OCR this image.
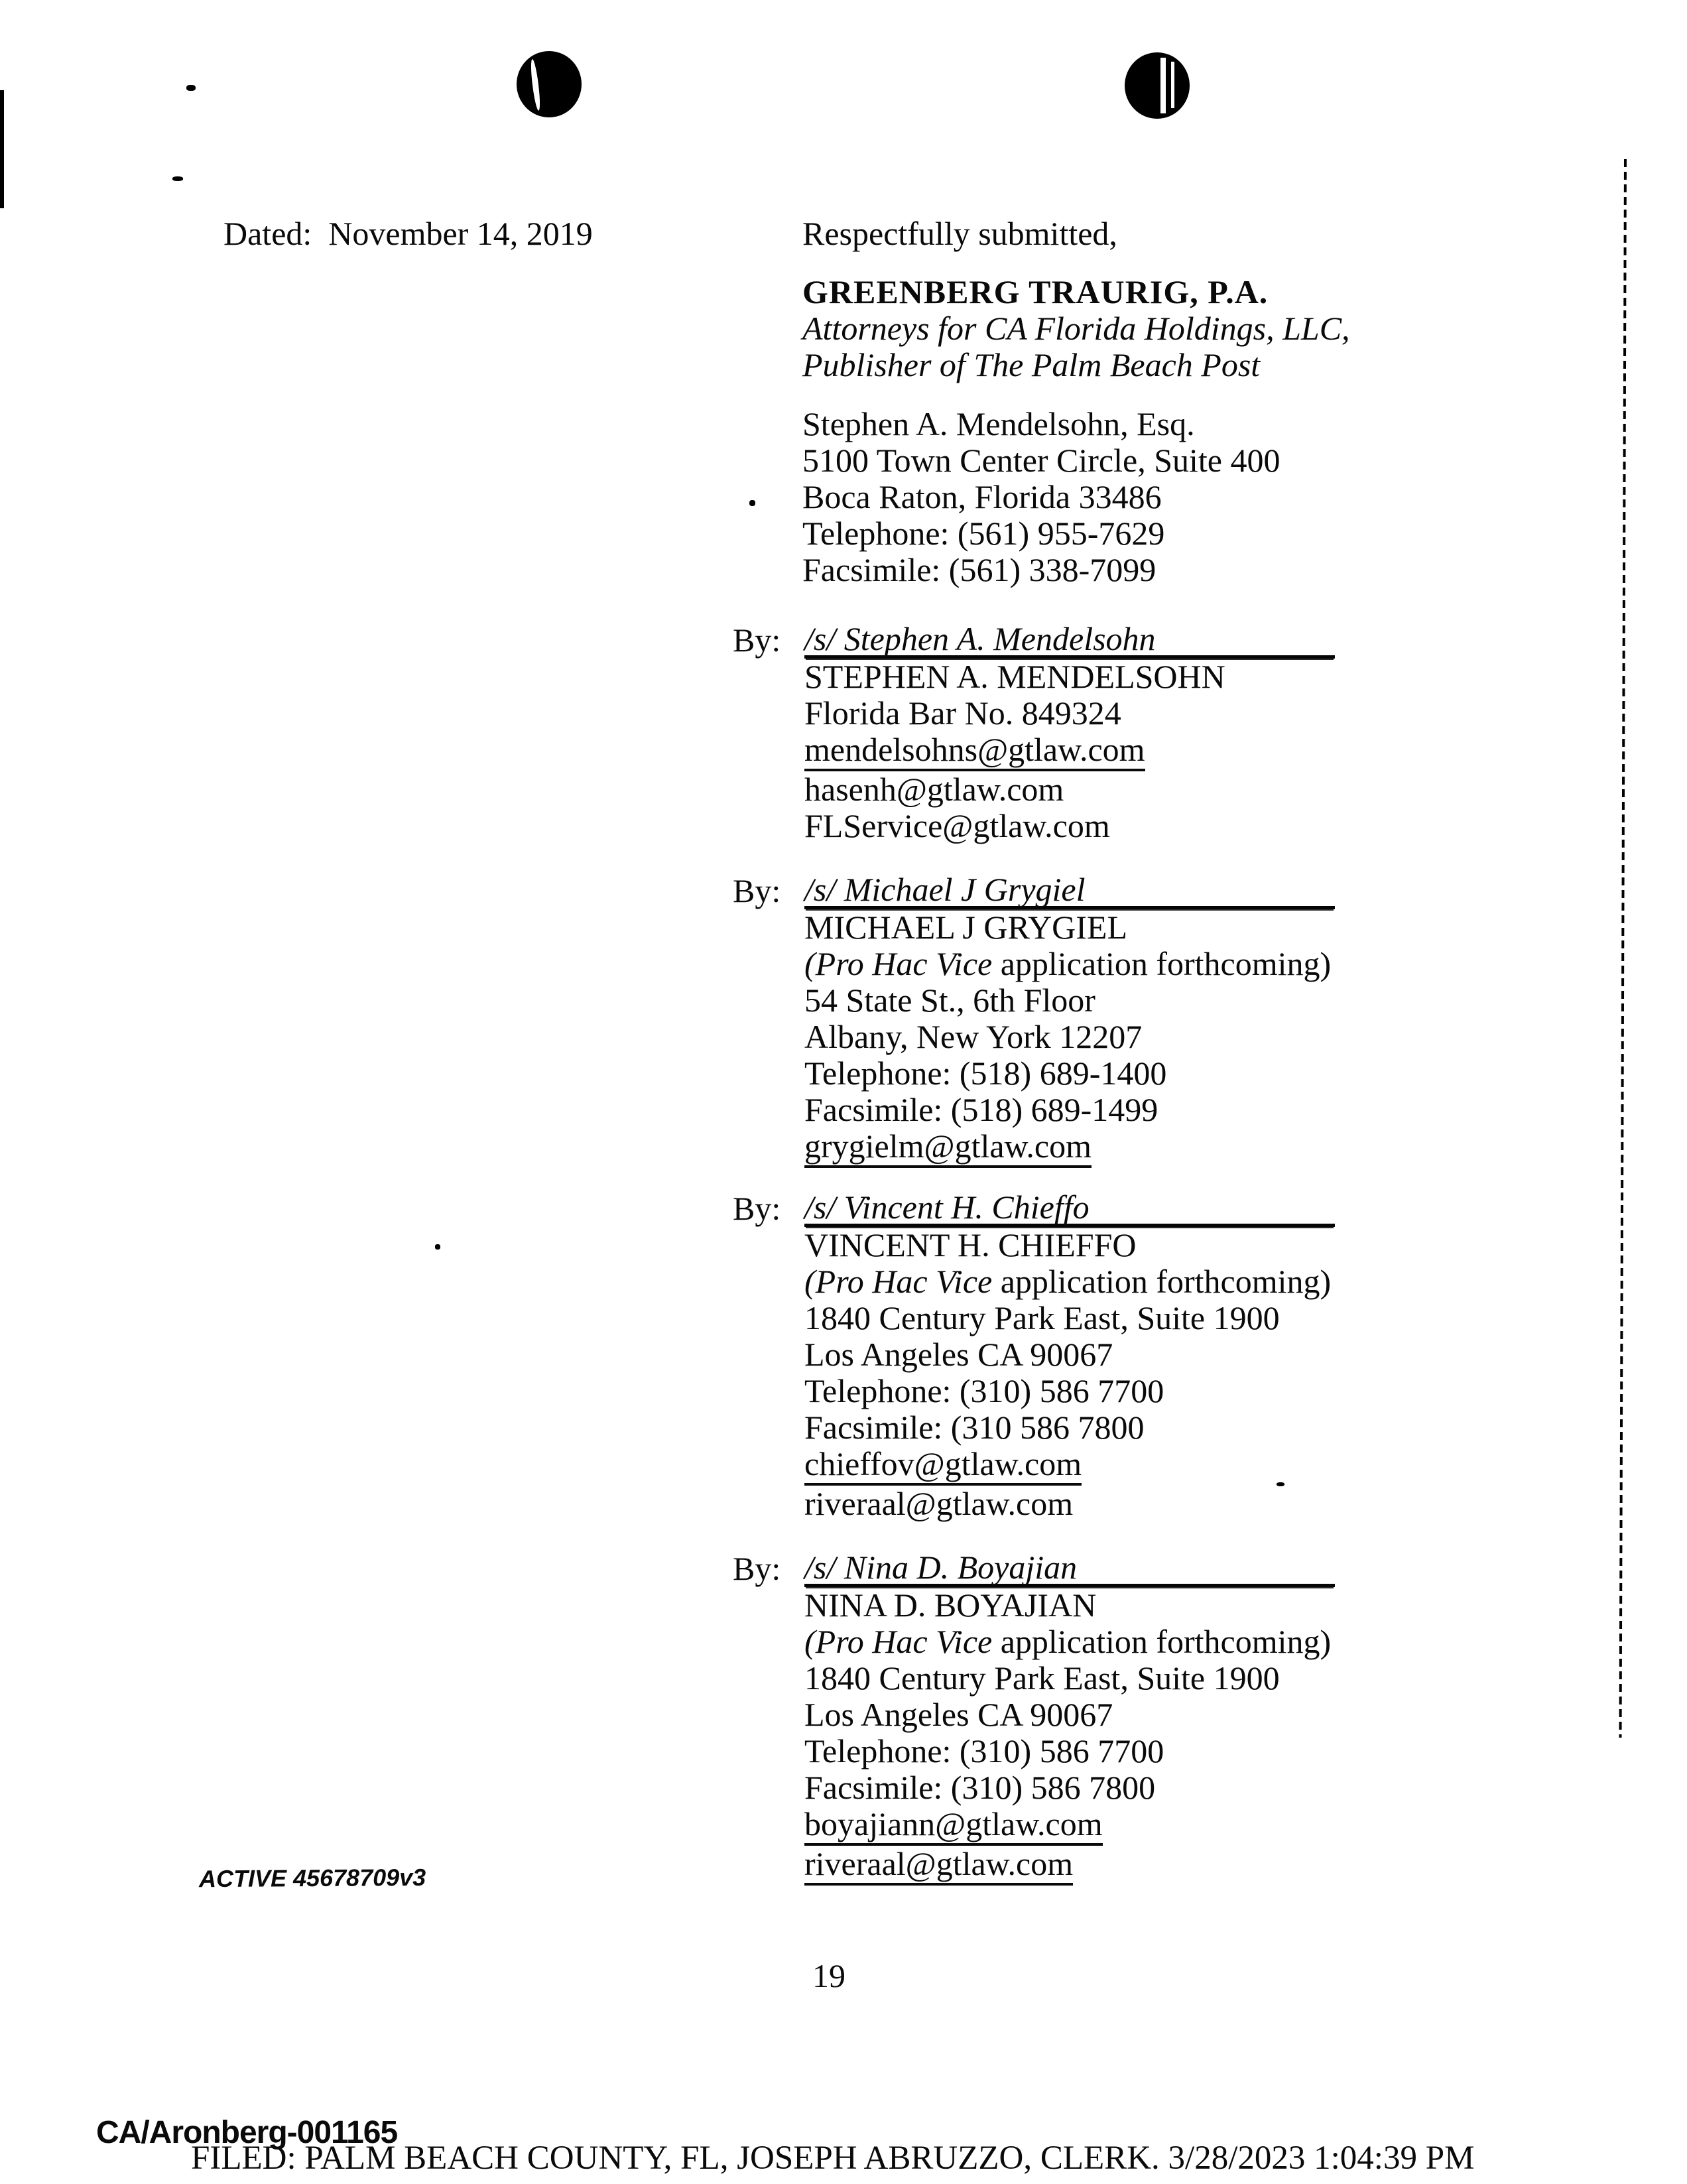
Dated:  November 14, 2019	Respectfully submitted,
GREENBERG TRAURIG, P.A.
Attorneys for CA Florida Holdings, LLC,
Publisher of The Palm Beach Post
Stephen A. Mendelsohn, Esq.
5100 Town Center Circle, Suite 400
Boca Raton, Florida 33486
Telephone: (561) 955-7629
Facsimile: (561) 338-7099
By: /s/ Stephen A. Mendelsohn
STEPHEN A. MENDELSOHN
Florida Bar No. 849324
mendelsohns@gtlaw.com
hasenh@gtlaw.com
FLService@gtlaw.com
By: /s/ Michael J Grygiel
MICHAEL J GRYGIEL
(Pro Hac Vice application forthcoming)
54 State St., 6th Floor
Albany, New York 12207
Telephone: (518) 689-1400
Facsimile: (518) 689-1499
grygielm@gtlaw.com
By: /s/ Vincent H. Chieffo
VINCENT H. CHIEFFO
(Pro Hac Vice application forthcoming)
1840 Century Park East, Suite 1900
Los Angeles CA 90067
Telephone: (310) 586 7700
Facsimile: (310 586 7800
chieffov@gtlaw.com
riveraal@gtlaw.com
By: /s/ Nina D. Boyajian
NINA D. BOYAJIAN
(Pro Hac Vice application forthcoming)
1840 Century Park East, Suite 1900
Los Angeles CA 90067
Telephone: (310) 586 7700
Facsimile: (310) 586 7800
boyajiann@gtlaw.com
riveraal@gtlaw.com
ACTIVE 45678709v3
19
CA/Aronberg-001165
FILED: PALM BEACH COUNTY, FL, JOSEPH ABRUZZO, CLERK. 3/28/2023 1:04:39 PM
